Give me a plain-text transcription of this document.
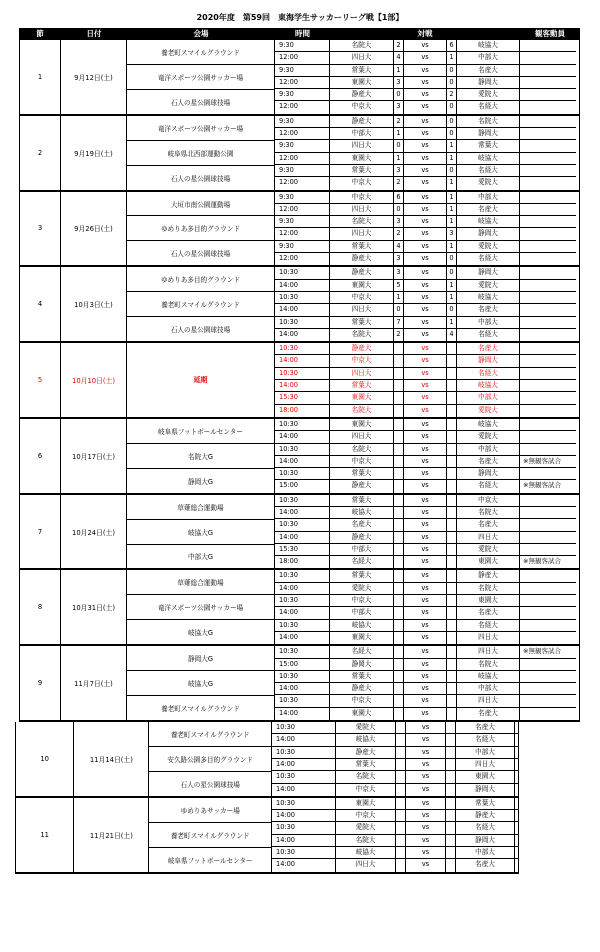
2020年度　第59回　東海学生サッカーリーグ戦【1部】
節	日付	会場	時間	対戦	観客動員
1	9月12日(土)
養老町スマイルグラウンド
竜洋スポーツ公園サッカー場
石人の星公園球技場
9:30	名院大	2	vs	6	岐協大
12:00	四日大	4	vs	1	中部大
9:30	常葉大	1	vs	0	名産大
12:00	東園大	3	vs	0	静岡大
9:30	静産大	0	vs	2	愛院大
12:00	中京大	3	vs	0	名経大
2	9月19日(土)
竜洋スポーツ公園サッカー場
岐阜県北西部運動公園
石人の星公園球技場
9:30	静産大	2	vs	0	名院大
12:00	中部大	1	vs	0	静岡大
9:30	四日大	0	vs	1	常葉大
12:00	東園大	1	vs	1	岐協大
9:30	常葉大	3	vs	0	名経大
12:00	中京大	2	vs	1	愛院大
3	9月26日(土)
大垣市南公園運動場
ゆめりあ多目的グラウンド
石人の星公園球技場
9:30	中京大	6	vs	1	中部大
12:00	四日大	0	vs	1	名産大
9:30	名院大	3	vs	1	岐協大
12:00	四日大	2	vs	3	静岡大
9:30	常葉大	4	vs	1	愛院大
12:00	静産大	3	vs	0	名経大
4	10月3日(土)
ゆめりあ多目的グラウンド
養老町スマイルグラウンド
石人の星公園球技場
10:30	静産大	3	vs	0	静岡大
14:00	東園大	5	vs	1	愛院大
10:30	中京大	1	vs	1	岐協大
14:00	四日大	0	vs	0	名産大
10:30	常葉大	7	vs	1	中部大
14:00	名院大	2	vs	4	名経大
5	10月10日(土)	延期
10:30	静産大	vs	名産大
14:00	中京大	vs	静岡大
10:30	四日大	vs	名経大
14:00	常葉大	vs	岐協大
15:30	東園大	vs	中部大
18:00	名院大	vs	愛院大
6	10月17日(土)
岐阜県フットボールセンター
名院大G
静岡大G
10:30	東園大	vs	岐協大
14:00	四日大	vs	愛院大
10:30	名院大	vs	中部大
14:00	中京大	vs	名産大	※無観客試合
10:30	常葉大	vs	静岡大
15:00	静産大	vs	名経大	※無観客試合
7	10月24日(土)
草薙総合運動場
岐協大G
中部大G
10:30	常葉大	vs	中京大
14:00	岐協大	vs	名院大
10:30	名産大	vs	名産大
14:00	静産大	vs	四日大
15:30	中部大	vs	愛院大
18:00	名経大	vs	東園大	※無観客試合
8	10月31日(土)
草薙総合運動場
竜洋スポーツ公園サッカー場
岐協大G
10:30	常葉大	vs	静産大
14:00	愛院大	vs	名院大
10:30	中京大	vs	東園大
14:00	中部大	vs	名産大
10:30	岐協大	vs	名経大
14:00	東園大	vs	四日大
9	11月7日(土)
静岡大G
岐協大G
養老町スマイルグラウンド
10:30	名経大	vs	四日大	※無観客試合
15:00	静岡大	vs	名院大
10:30	常葉大	vs	岐協大
14:00	静産大	vs	中部大
10:30	中京大	vs	四日大
14:00	東園大	vs	名産大
10	11月14日(土)
養老町スマイルグラウンド
安久路公園多目的グラウンド
石人の星公園球技場
10:30	愛院大	vs	名産大
14:00	岐協大	vs	名経大
10:30	静産大	vs	中部大
14:00	常葉大	vs	四日大
10:30	名院大	vs	東園大
14:00	中京大	vs	静岡大
11	11月21日(土)
ゆめりあサッカー場
養老町スマイルグラウンド
岐阜県フットボールセンター
10:30	東園大	vs	常葉大
14:00	中京大	vs	静産大
10:30	愛院大	vs	名経大
14:00	名院大	vs	静岡大
10:30	岐協大	vs	中部大
14:00	四日大	vs	名産大
